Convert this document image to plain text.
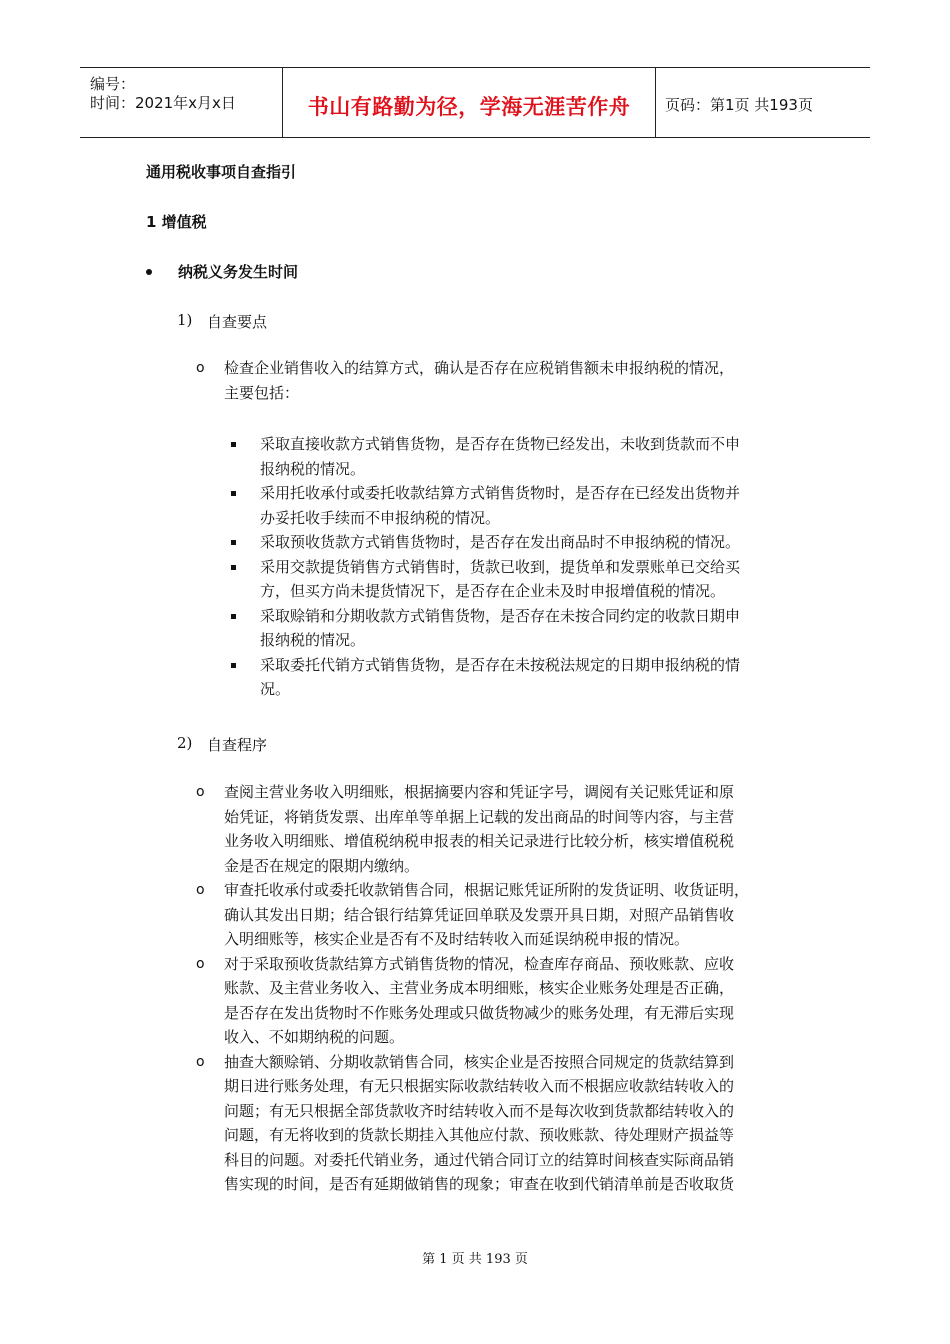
编号：
时间：2021年x月x日	书山有路勤为径，学海无涯苦作舟	页码：第1页 共193页
通用税收事项自查指引
1 增值税
纳税义务发生时间
1) 自查要点
o 检查企业销售收入的结算方式，确认是否存在应税销售额未申报纳税的情况，
主要包括：
采取直接收款方式销售货物，是否存在货物已经发出，未收到货款而不申
报纳税的情况。
采用托收承付或委托收款结算方式销售货物时，是否存在已经发出货物并
办妥托收手续而不申报纳税的情况。
采取预收货款方式销售货物时，是否存在发出商品时不申报纳税的情况。
采用交款提货销售方式销售时，货款已收到，提货单和发票账单已交给买
方，但买方尚未提货情况下，是否存在企业未及时申报增值税的情况。
采取赊销和分期收款方式销售货物，是否存在未按合同约定的收款日期申
报纳税的情况。
采取委托代销方式销售货物，是否存在未按税法规定的日期申报纳税的情
况。
2) 自查程序
o 查阅主营业务收入明细账，根据摘要内容和凭证字号，调阅有关记账凭证和原
始凭证，将销货发票、出库单等单据上记载的发出商品的时间等内容，与主营
业务收入明细账、增值税纳税申报表的相关记录进行比较分析，核实增值税税
金是否在规定的限期内缴纳。
o 审查托收承付或委托收款销售合同，根据记账凭证所附的发货证明、收货证明，
确认其发出日期；结合银行结算凭证回单联及发票开具日期，对照产品销售收
入明细账等，核实企业是否有不及时结转收入而延误纳税申报的情况。
o 对于采取预收货款结算方式销售货物的情况，检查库存商品、预收账款、应收
账款、及主营业务收入、主营业务成本明细账，核实企业账务处理是否正确，
是否存在发出货物时不作账务处理或只做货物减少的账务处理，有无滞后实现
收入、不如期纳税的问题。
o 抽查大额赊销、分期收款销售合同，核实企业是否按照合同规定的货款结算到
期日进行账务处理，有无只根据实际收款结转收入而不根据应收款结转收入的
问题；有无只根据全部货款收齐时结转收入而不是每次收到货款都结转收入的
问题，有无将收到的货款长期挂入其他应付款、预收账款、待处理财产损益等
科目的问题。对委托代销业务，通过代销合同订立的结算时间核查实际商品销
售实现的时间，是否有延期做销售的现象；审查在收到代销清单前是否收取货
第 1 页 共 193 页
